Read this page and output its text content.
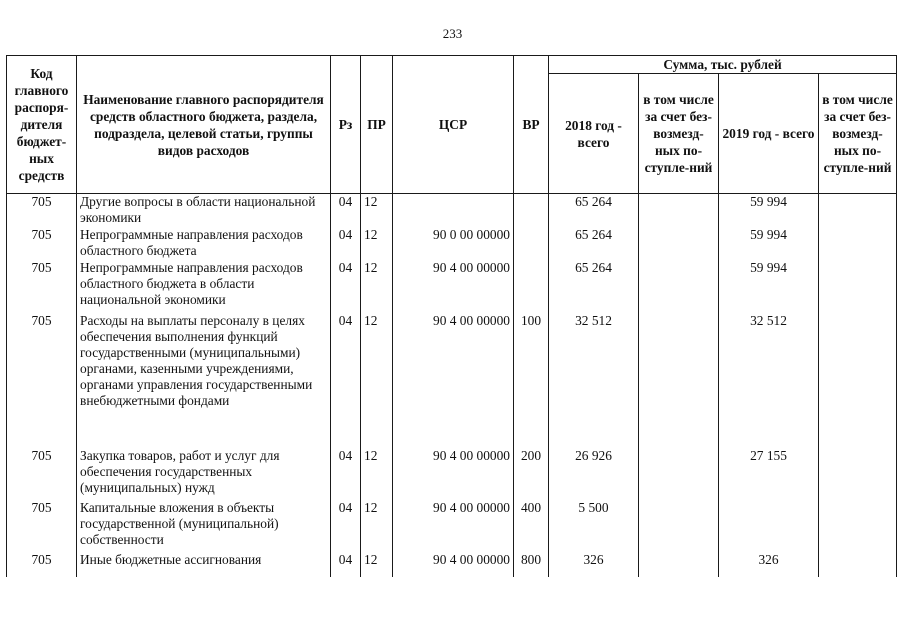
233
Код главного распоря-дителя бюджет-ных средств	Наименование главного распорядителя средств областного бюджета, раздела, подраздела, целевой статьи, группы видов расходов	Рз	ПР	ЦСР	ВР	Сумма, тыс. рублей			
						2018 год - всего	в том числе за счет без-возмезд-ных по-ступле-ний	2019 год - всего	в том числе за счет без-возмезд-ных по-ступле-ний
705	Другие вопросы в области национальной экономики	04	12			65 264		59 994	
705	Непрограммные направления расходов областного бюджета	04	12	90 0 00 00000		65 264		59 994	
705	Непрограммные направления расходов областного бюджета в области национальной экономики	04	12	90 4 00 00000		65 264		59 994	
705	Расходы на выплаты персоналу в целях обеспечения выполнения функций государственными (муниципальными) органами, казенными учреждениями, органами управления государственными внебюджетными фондами	04	12	90 4 00 00000	100	32 512		32 512	
705	Закупка товаров, работ и услуг для обеспечения государственных (муниципальных) нужд	04	12	90 4 00 00000	200	26 926		27 155	
705	Капитальные вложения в объекты государственной (муниципальной) собственности	04	12	90 4 00 00000	400	5 500			
705	Иные бюджетные ассигнования	04	12	90 4 00 00000	800	326		326	
